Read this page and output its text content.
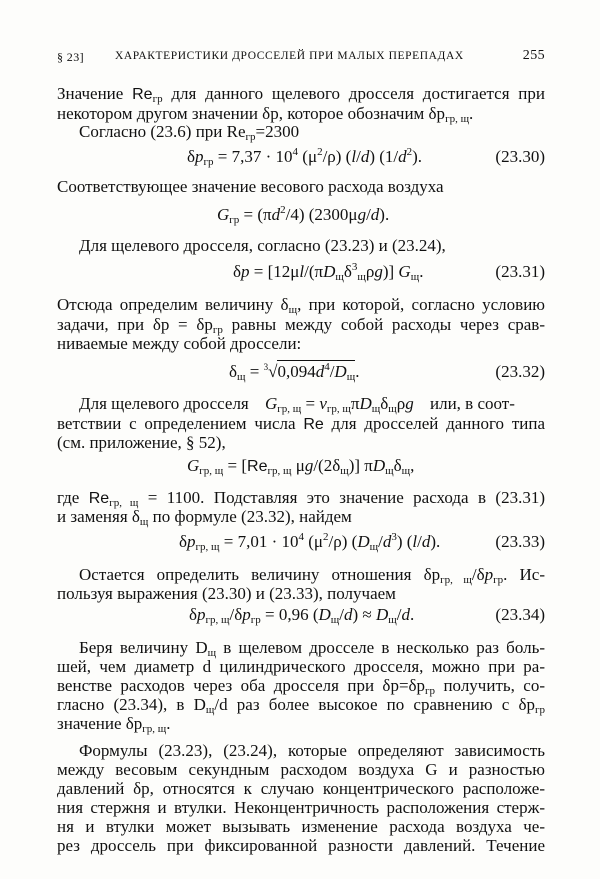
§ 23]	ХАРАКТЕРИСТИКИ ДРОССЕЛЕЙ ПРИ МАЛЫХ ПЕРЕПАДАХ	255
Значение $Re_{гр}$ для данного щелевого дросселя достигается при
некотором другом значении δp, которое обозначим $\delta p_{гр, щ}$.
Согласно (23.6) при $Re_{гр}=2300$
$\delta p_{гр} = 7,37 \cdot 10^4$ $(\mu^2/\rho)$ (l/d) $(1/d^2)$.	(23.30)
Соответствующее значение весового расхода воздуха
$G_{гр} = (\pi d^2/4)$ (2300μg/d).
Для щелевого дросселя, согласно (23.23) и (23.24),
$\delta p = [12\mu l/(\pi D_щ\delta^3_щ\rho g)]$ $G_щ$.	(23.31)
Отсюда определим величину $\delta_щ$, при которой, согласно условию
задачи, при $\delta p = \delta p_{гр}$ равны между собой расходы через срав-
ниваемые между собой дроссели:
$\delta_щ = ^3√0,094d^4/D_щ$.	(23.32)
Для щелевого дросселя $G_{гр, щ} = v_{гр, щ}\pi D_щ\delta_щ\rho g$ или, в соот-
ветствии с определением числа Re для дросселей данного типа
(см. приложение, § 52),
$G_{гр, щ} = [Re_{гр, щ}$ $\mu g/(2\delta_щ)$] $\pi D_щ\delta_щ$,
где $Re_{гр, щ} = 1100$. Подставляя это значение расхода в (23.31)
и заменяя $\delta_щ$ по формуле (23.32), найдем
$\delta p_{гр, щ} = 7,01 \cdot 10^4$ $(\mu^2/\rho)$ $(D_щ/d^3)$ (l/d).	(23.33)
Остается определить величину отношения $\delta p_{гр, щ}/\delta p_{гр}$. Ис-
пользуя выражения (23.30) и (23.33), получаем
$\delta p_{гр, щ}/\delta p_{гр} = 0,96$ $(D_щ/d) \approx D_щ/d$.	(23.34)
Беря величину $D_щ$ в щелевом дросселе в несколько раз боль-
шей, чем диаметр d цилиндрического дросселя, можно при ра-
венстве расходов через оба дросселя при $\delta p=\delta p_{гр}$ получить, со-
гласно (23.34), в $D_щ/d$ раз более высокое по сравнению с $\delta p_{гр}$
значение $\delta p_{гр, щ}$.
Формулы (23.23), (23.24), которые определяют зависимость
между весовым секундным расходом воздуха G и разностью
давлений δp, относятся к случаю концентрического расположе-
ния стержня и втулки. Неконцентричность расположения стерж-
ня и втулки может вызывать изменение расхода воздуха че-
рез дроссель при фиксированной разности давлений. Течение
